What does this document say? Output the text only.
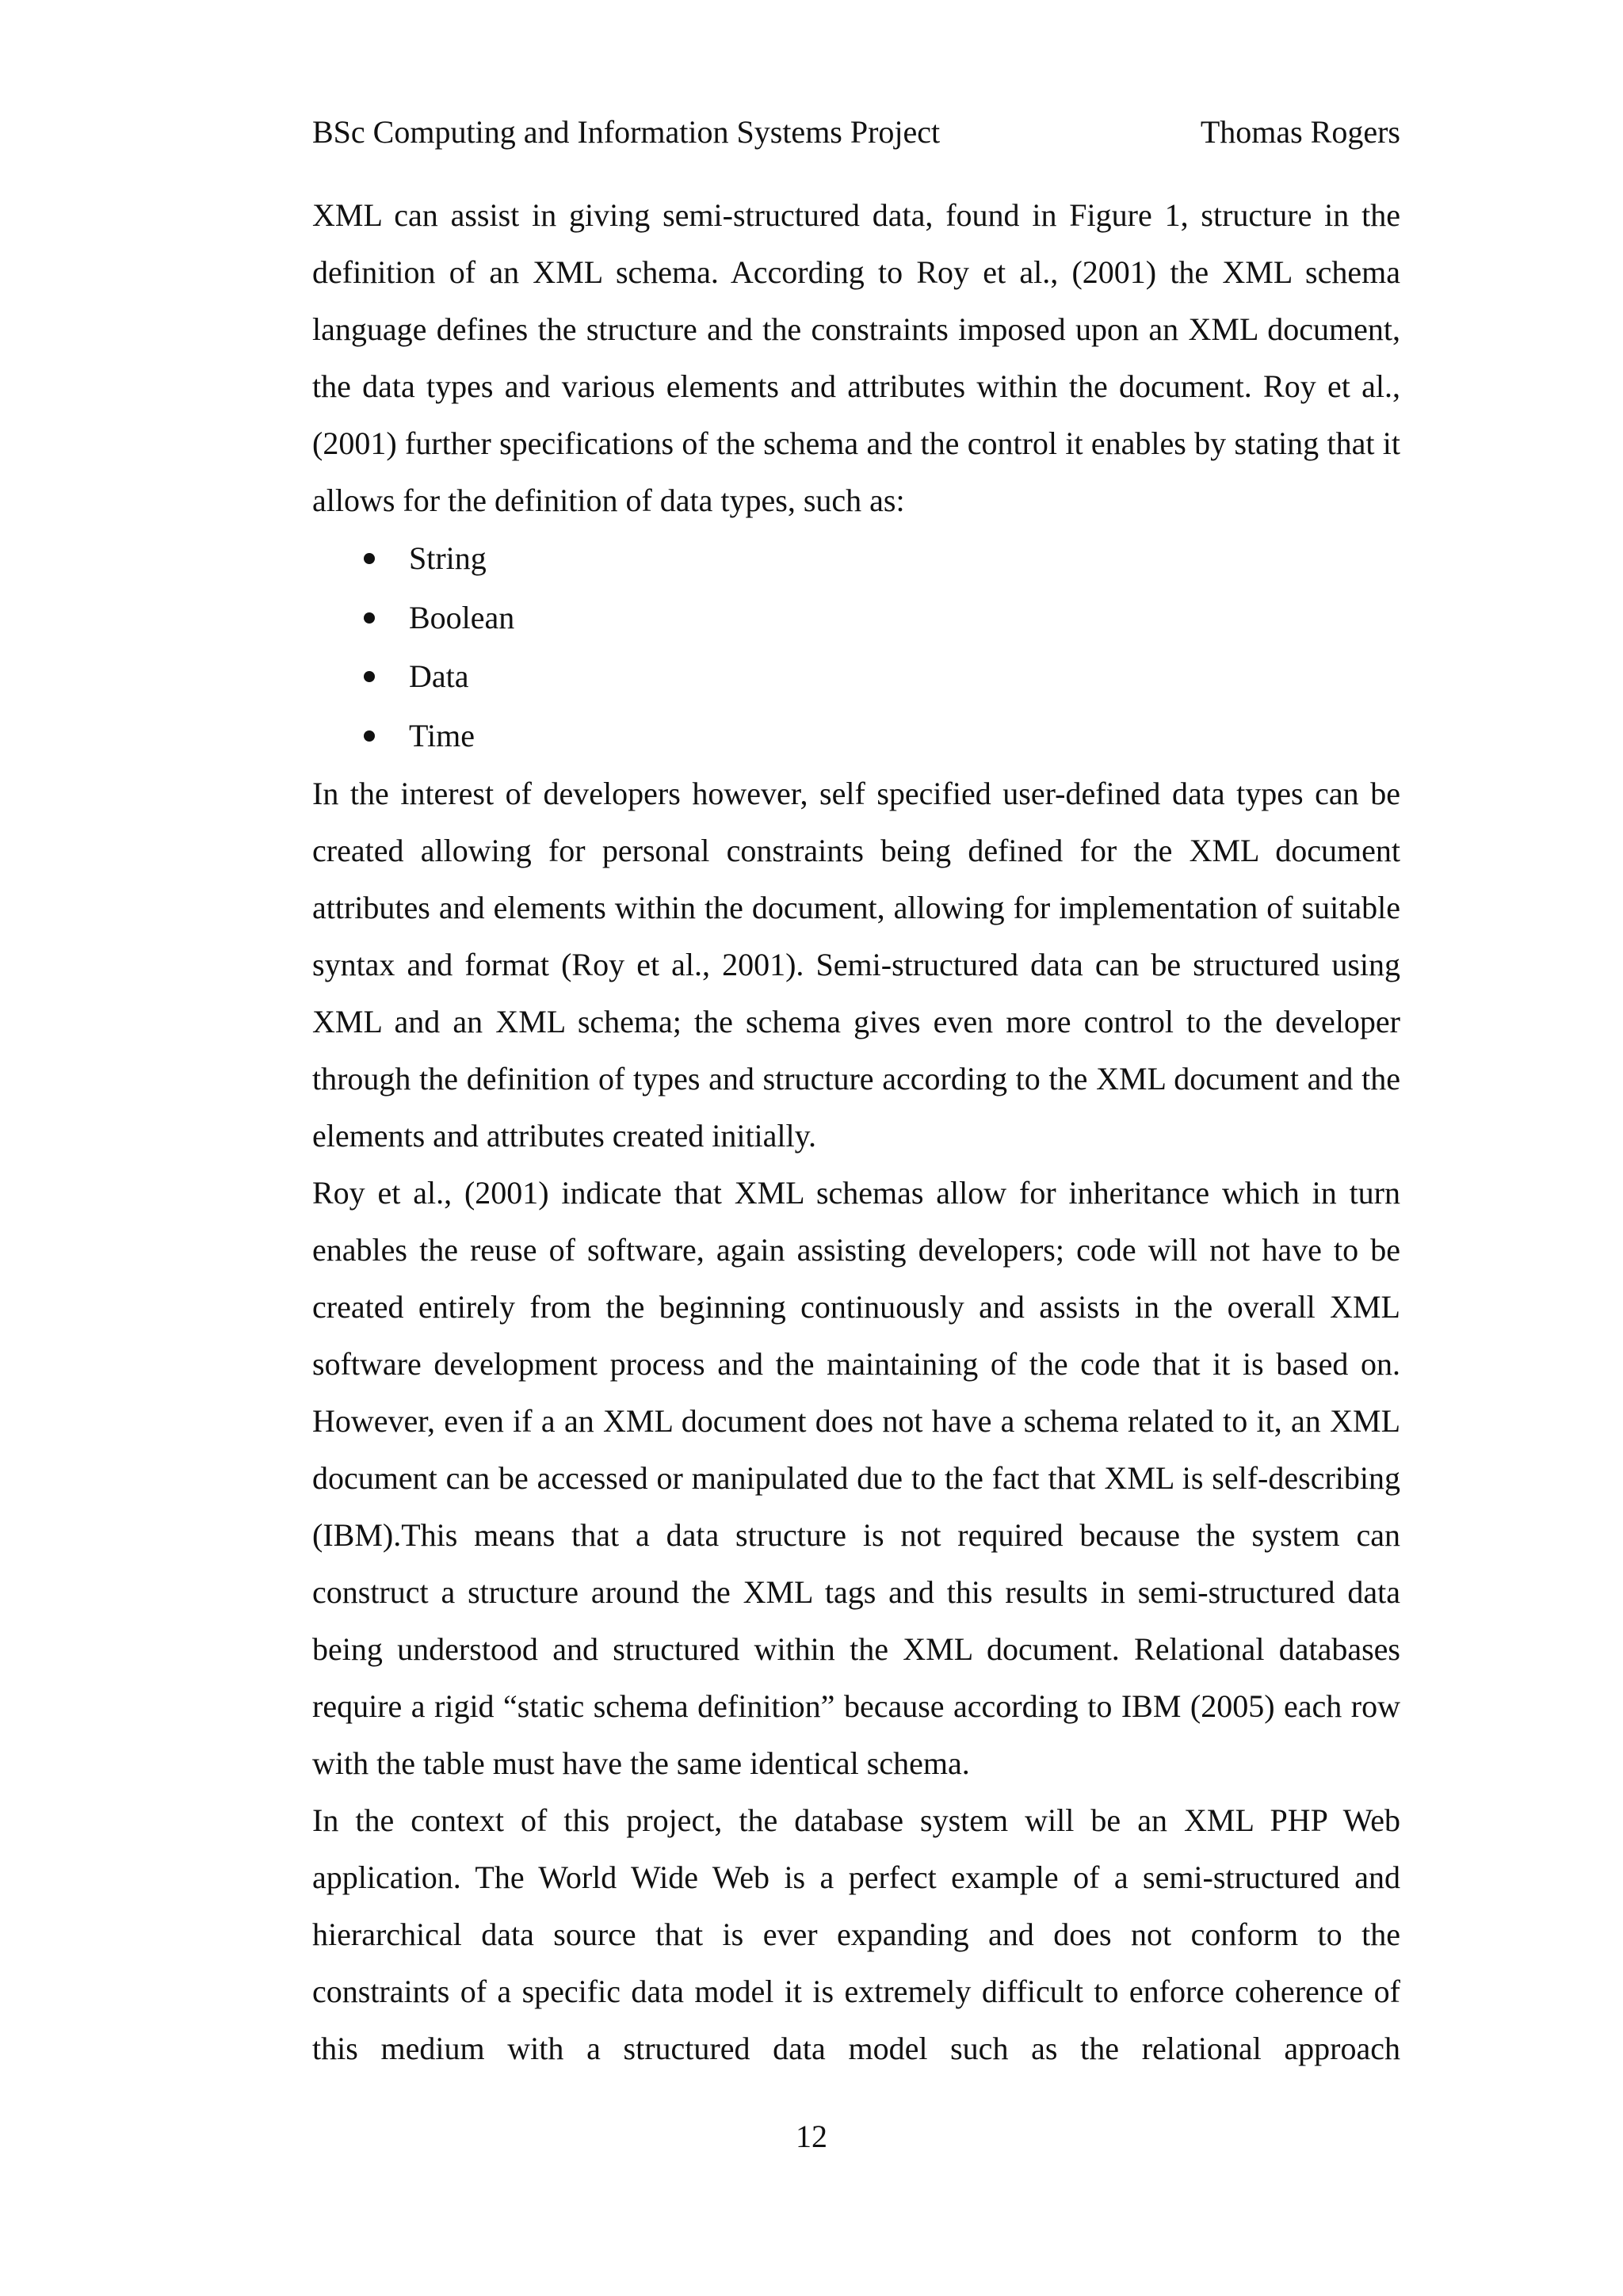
BSc Computing and Information Systems Project	Thomas Rogers

XML can assist in giving semi-structured data, found in Figure 1, structure in the definition of an XML schema. According to Roy et al., (2001) the XML schema language defines the structure and the constraints imposed upon an XML document, the data types and various elements and attributes within the document. Roy et al., (2001) further specifications of the schema and the control it enables by stating that it allows for the definition of data types, such as:

String
Boolean
Data
Time

In the interest of developers however, self specified user-defined data types can be created allowing for personal constraints being defined for the XML document attributes and elements within the document, allowing for implementation of suitable syntax and format (Roy et al., 2001). Semi-structured data can be structured using XML and an XML schema; the schema gives even more control to the developer through the definition of types and structure according to the XML document and the elements and attributes created initially.

Roy et al., (2001) indicate that XML schemas allow for inheritance which in turn enables the reuse of software, again assisting developers; code will not have to be created entirely from the beginning continuously and assists in the overall XML software development process and the maintaining of the code that it is based on. However, even if a an XML document does not have a schema related to it, an XML document can be accessed or manipulated due to the fact that XML is self-describing (IBM).This means that a data structure is not required because the system can construct a structure around the XML tags and this results in semi-structured data being understood and structured within the XML document. Relational databases require a rigid “static schema definition” because according to IBM (2005) each row with the table must have the same identical schema.

In the context of this project, the database system will be an XML PHP Web application. The World Wide Web is a perfect example of a semi-structured and hierarchical data source that is ever expanding and does not conform to the constraints of a specific data model it is extremely difficult to enforce coherence of this medium with a structured data model such as the relational approach

12
